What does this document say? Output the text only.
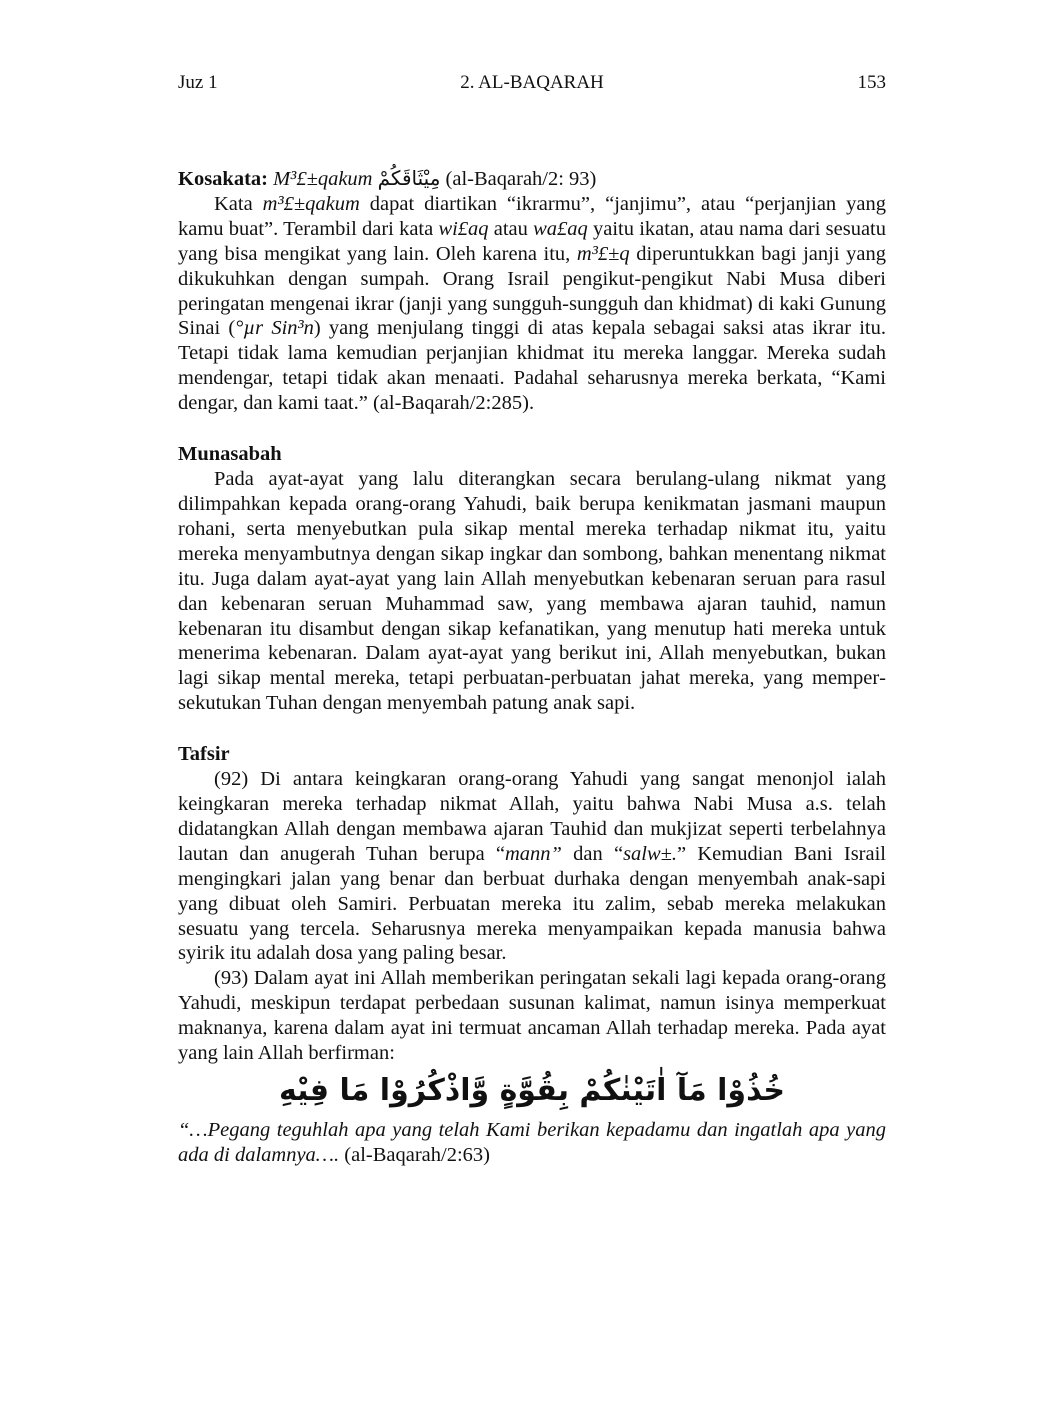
Juz 1	2. AL-BAQARAH	153

Kosakata: M³£±qakum مِيْثَاقَكُمْ (al-Baqarah/2: 93)

Kata m³£±qakum dapat diartikan “ikrarmu”, “janjimu”, atau “perjanjian yang kamu buat”. Terambil dari kata wi£aq atau wa£aq yaitu ikatan, atau nama dari sesuatu yang bisa mengikat yang lain. Oleh karena itu, m³£±q diperuntukkan bagi janji yang dikukuhkan dengan sumpah. Orang Israil pengikut-pengikut Nabi Musa diberi peringatan mengenai ikrar (janji yang sungguh-sungguh dan khidmat) di kaki Gunung Sinai (°µr Sin³n) yang menjulang tinggi di atas kepala sebagai saksi atas ikrar itu. Tetapi tidak lama kemudian perjanjian khidmat itu mereka langgar. Mereka sudah mendengar, tetapi tidak akan menaati. Padahal seharusnya mereka berkata, “Kami dengar, dan kami taat.” (al-Baqarah/2:285).

Munasabah

Pada ayat-ayat yang lalu diterangkan secara berulang-ulang nikmat yang dilimpahkan kepada orang-orang Yahudi, baik berupa kenikmatan jasmani maupun rohani, serta menyebutkan pula sikap mental mereka terhadap nikmat itu, yaitu mereka menyambutnya dengan sikap ingkar dan sombong, bahkan menentang nikmat itu. Juga dalam ayat-ayat yang lain Allah menyebutkan kebenaran seruan para rasul dan kebenaran seruan Muhammad saw, yang membawa ajaran tauhid, namun kebenaran itu disambut dengan sikap kefanatikan, yang menutup hati mereka untuk menerima kebenaran. Dalam ayat-ayat yang berikut ini, Allah menyebutkan, bukan lagi sikap mental mereka, tetapi perbuatan-perbuatan jahat mereka, yang mempersekutukan Tuhan dengan menyembah patung anak sapi.

Tafsir

(92) Di antara keingkaran orang-orang Yahudi yang sangat menonjol ialah keingkaran mereka terhadap nikmat Allah, yaitu bahwa Nabi Musa a.s. telah didatangkan Allah dengan membawa ajaran Tauhid dan mukjizat seperti terbelahnya lautan dan anugerah Tuhan berupa “mann” dan “salw±.” Kemudian Bani Israil mengingkari jalan yang benar dan berbuat durhaka dengan menyembah anak-sapi yang dibuat oleh Samiri. Perbuatan mereka itu zalim, sebab mereka melakukan sesuatu yang tercela. Seharusnya mereka menyampaikan kepada manusia bahwa syirik itu adalah dosa yang paling besar.

(93) Dalam ayat ini Allah memberikan peringatan sekali lagi kepada orang-orang Yahudi, meskipun terdapat perbedaan susunan kalimat, namun isinya memperkuat maknanya, karena dalam ayat ini termuat ancaman Allah terhadap mereka. Pada ayat yang lain Allah berfirman:

خُذُوْا مَآ اٰتَيْنٰكُمْ بِقُوَّةٍ وَّاذْكُرُوْا مَا فِيْهِ

“…Pegang teguhlah apa yang telah Kami berikan kepadamu dan ingatlah apa yang ada di dalamnya…. (al-Baqarah/2:63)
